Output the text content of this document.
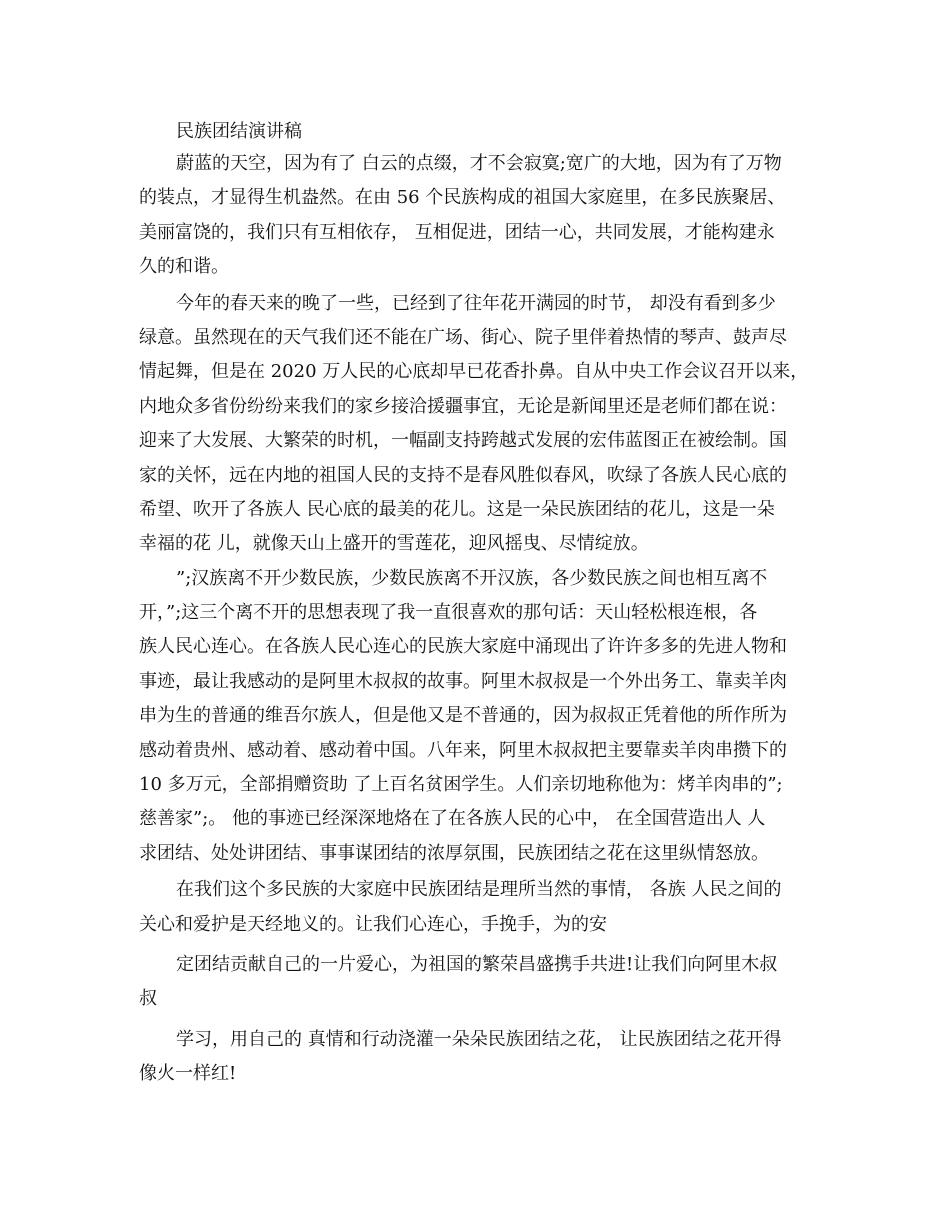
民族团结演讲稿
蔚蓝的天空，因为有了 白云的点缀，才不会寂寞;宽广的大地，因为有了万物
的装点，才显得生机盎然。在由 56 个民族构成的祖国大家庭里，在多民族聚居、
美丽富饶的，我们只有互相依存， 互相促进，团结一心，共同发展，才能构建永
久的和谐。
今年的春天来的晚了一些，已经到了往年花开满园的时节， 却没有看到多少
绿意。虽然现在的天气我们还不能在广场、街心、院子里伴着热情的琴声、鼓声尽
情起舞，但是在 2020 万人民的心底却早已花香扑鼻。自从中央工作会议召开以来，
内地众多省份纷纷来我们的家乡接洽援疆事宜，无论是新闻里还是老师们都在说：
迎来了大发展、大繁荣的时机，一幅副支持跨越式发展的宏伟蓝图正在被绘制。国
家的关怀，远在内地的祖国人民的支持不是春风胜似春风，吹绿了各族人民心底的
希望、吹开了各族人 民心底的最美的花儿。这是一朵民族团结的花儿，这是一朵
幸福的花 儿，就像天山上盛开的雪莲花，迎风摇曳、尽情绽放。
”;汉族离不开少数民族，少数民族离不开汉族，各少数民族之间也相互离不
开，”;这三个离不开的思想表现了我一直很喜欢的那句话：天山轻松根连根，各
族人民心连心。在各族人民心连心的民族大家庭中涌现出了许许多多的先进人物和
事迹，最让我感动的是阿里木叔叔的故事。阿里木叔叔是一个外出务工、靠卖羊肉
串为生的普通的维吾尔族人，但是他又是不普通的，因为叔叔正凭着他的所作所为
感动着贵州、感动着、感动着中国。八年来，阿里木叔叔把主要靠卖羊肉串攒下的
10 多万元，全部捐赠资助 了上百名贫困学生。人们亲切地称他为：烤羊肉串的”;
慈善家”;。 他的事迹已经深深地烙在了在各族人民的心中， 在全国营造出人 人
求团结、处处讲团结、事事谋团结的浓厚氛围，民族团结之花在这里纵情怒放。
在我们这个多民族的大家庭中民族团结是理所当然的事情， 各族 人民之间的
关心和爱护是天经地义的。让我们心连心，手挽手，为的安
定团结贡献自己的一片爱心，为祖国的繁荣昌盛携手共进!让我们向阿里木叔
叔
学习，用自己的 真情和行动浇灌一朵朵民族团结之花， 让民族团结之花开得
像火一样红!
